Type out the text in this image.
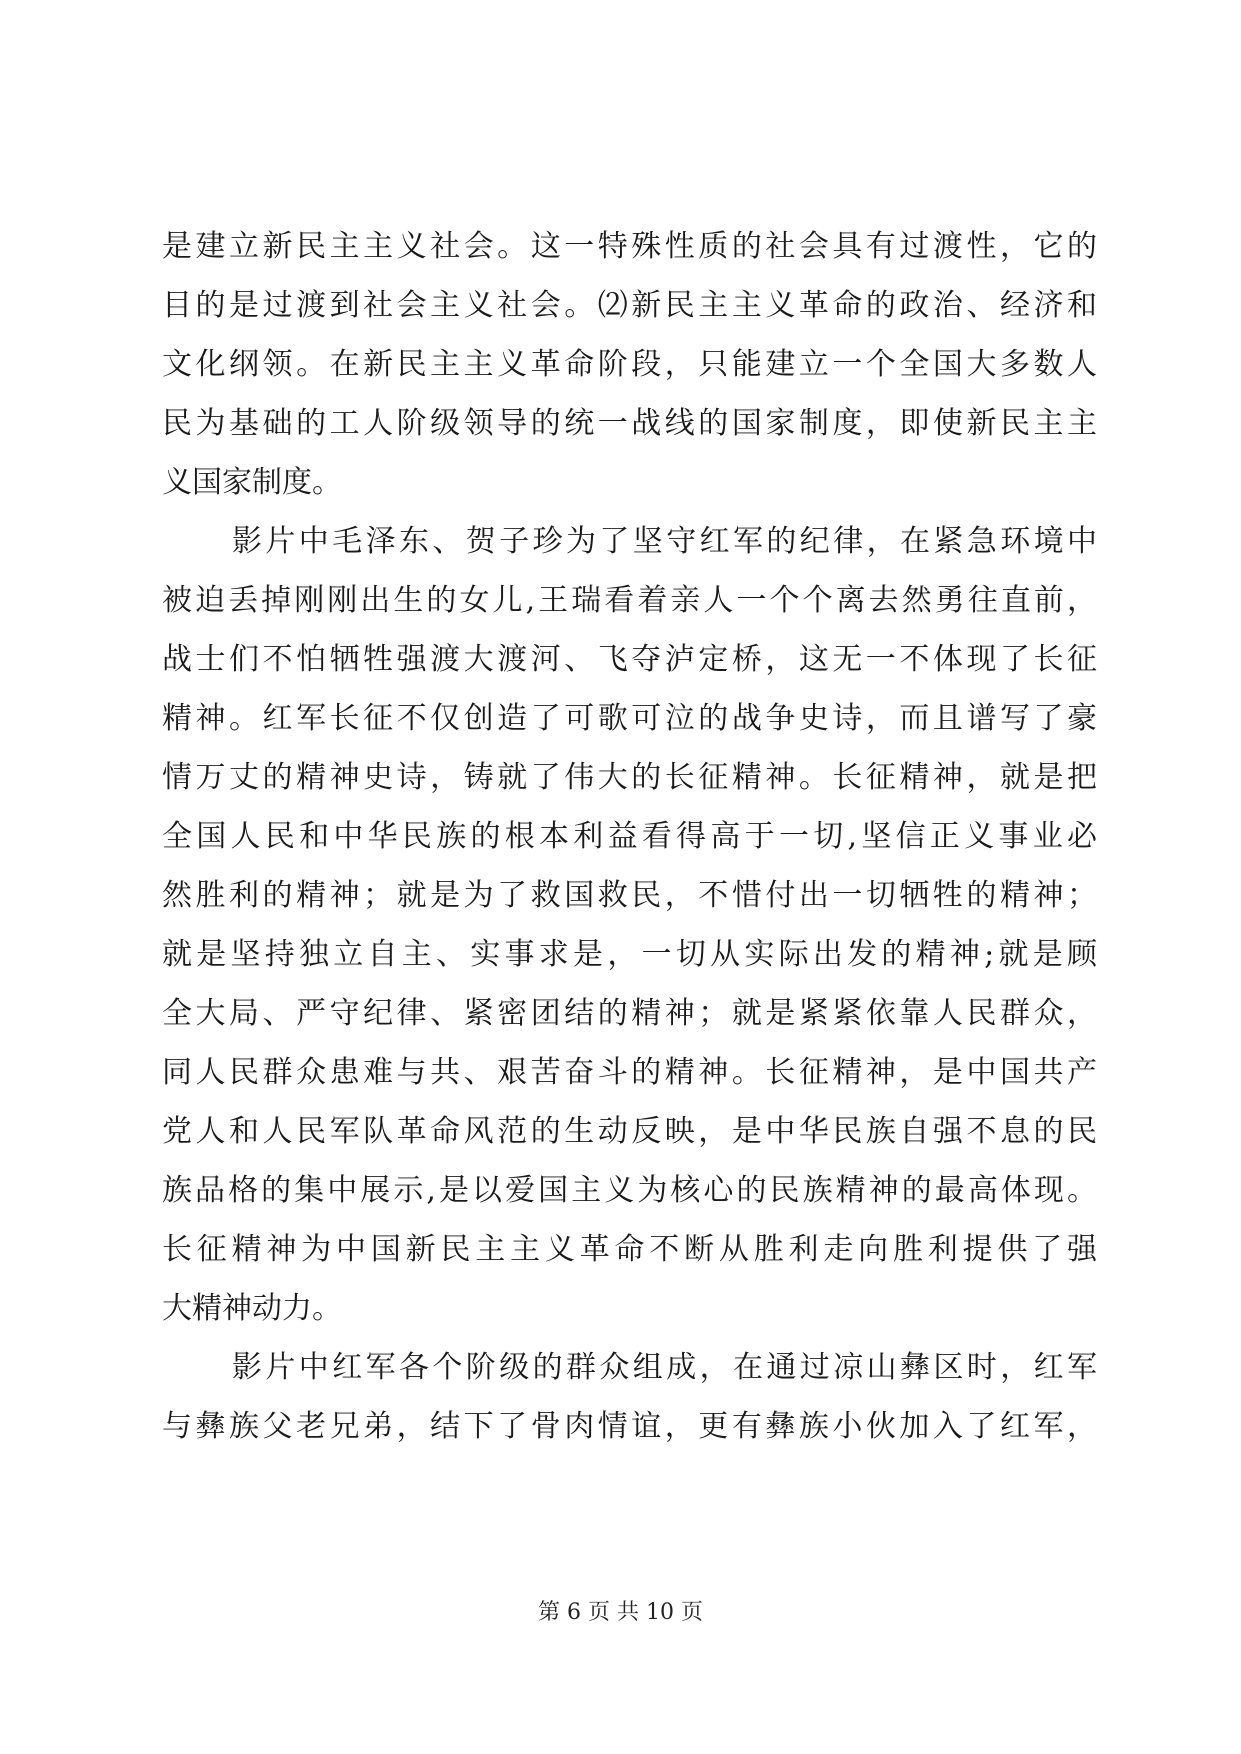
是建立新民主主义社会。这一特殊性质的社会具有过渡性，它的
目的是过渡到社会主义社会。⑵新民主主义革命的政治、经济和
文化纲领。在新民主主义革命阶段，只能建立一个全国大多数人
民为基础的工人阶级领导的统一战线的国家制度，即使新民主主
义国家制度。
影片中毛泽东、贺子珍为了坚守红军的纪律，在紧急环境中
被迫丢掉刚刚出生的女儿,王瑞看着亲人一个个离去然勇往直前，
战士们不怕牺牲强渡大渡河、飞夺泸定桥，这无一不体现了长征
精神。红军长征不仅创造了可歌可泣的战争史诗，而且谱写了豪
情万丈的精神史诗，铸就了伟大的长征精神。长征精神，就是把
全国人民和中华民族的根本利益看得高于一切,坚信正义事业必
然胜利的精神；就是为了救国救民，不惜付出一切牺牲的精神；
就是坚持独立自主、实事求是，一切从实际出发的精神;就是顾
全大局、严守纪律、紧密团结的精神；就是紧紧依靠人民群众，
同人民群众患难与共、艰苦奋斗的精神。长征精神，是中国共产
党人和人民军队革命风范的生动反映，是中华民族自强不息的民
族品格的集中展示,是以爱国主义为核心的民族精神的最高体现。
长征精神为中国新民主主义革命不断从胜利走向胜利提供了强
大精神动力。
影片中红军各个阶级的群众组成，在通过凉山彝区时，红军
与彝族父老兄弟，结下了骨肉情谊，更有彝族小伙加入了红军，
第 6 页 共 10 页
